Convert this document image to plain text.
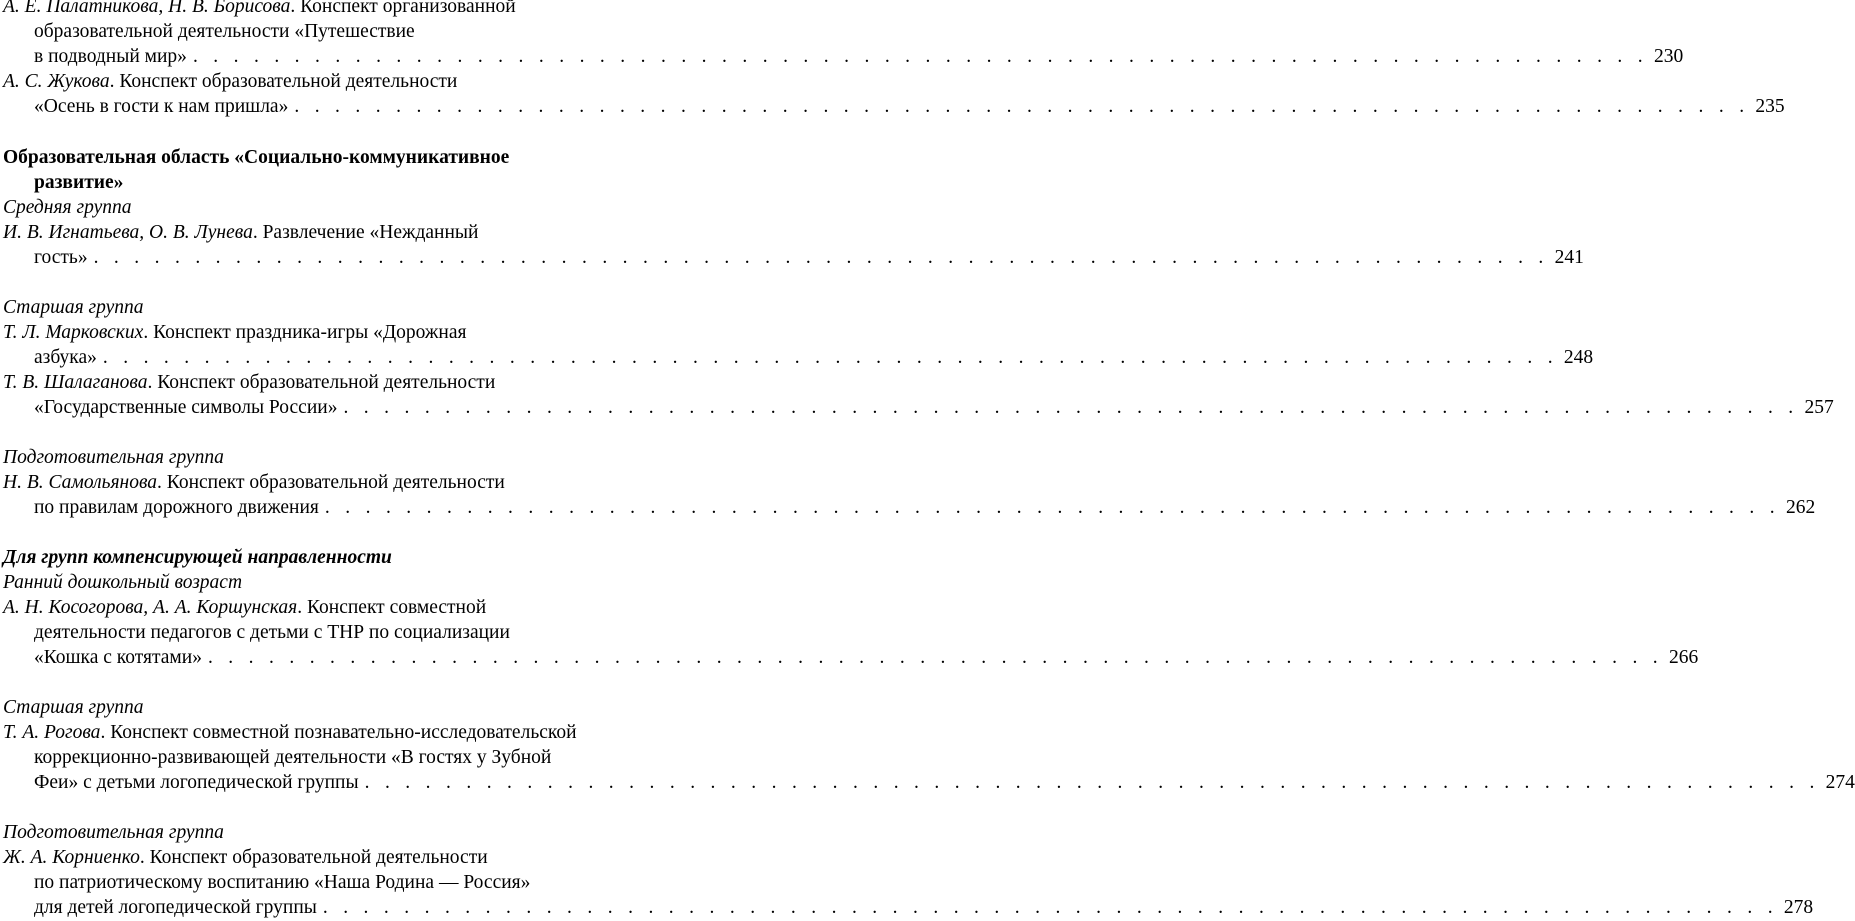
А. Е. Палатникова, Н. В. Борисова. Конспект организованной
образовательной деятельности «Путешествие
в подводный мир» . . . . . . . . . . . . . . . . . . . . . . . . . . . . . . . . . . . . . . . . . . . . . . . . . . . . . . . . . . . . . . . . . . . . . . . . 230
А. С. Жукова. Конспект образовательной деятельности
«Осень в гости к нам пришла» . . . . . . . . . . . . . . . . . . . . . . . . . . . . . . . . . . . . . . . . . . . . . . . . . . . . . . . . . . . . . . . . . . . . . . . . 235
Образовательная область «Социально-коммуникативное
развитие»
Средняя группа
И. В. Игнатьева, О. В. Лунева. Развлечение «Нежданный
гость» . . . . . . . . . . . . . . . . . . . . . . . . . . . . . . . . . . . . . . . . . . . . . . . . . . . . . . . . . . . . . . . . . . . . . . . . 241
Старшая группа
Т. Л. Марковских. Конспект праздника-игры «Дорожная
азбука» . . . . . . . . . . . . . . . . . . . . . . . . . . . . . . . . . . . . . . . . . . . . . . . . . . . . . . . . . . . . . . . . . . . . . . . . 248
Т. В. Шалаганова. Конспект образовательной деятельности
«Государственные символы России» . . . . . . . . . . . . . . . . . . . . . . . . . . . . . . . . . . . . . . . . . . . . . . . . . . . . . . . . . . . . . . . . . . . . . . . . 257
Подготовительная группа
Н. В. Самольянова. Конспект образовательной деятельности
по правилам дорожного движения . . . . . . . . . . . . . . . . . . . . . . . . . . . . . . . . . . . . . . . . . . . . . . . . . . . . . . . . . . . . . . . . . . . . . . . . 262
Для групп компенсирующей направленности
Ранний дошкольный возраст
А. Н. Косогорова, А. А. Коршунская. Конспект совместной
деятельности педагогов с детьми с ТНР по социализации
«Кошка с котятами» . . . . . . . . . . . . . . . . . . . . . . . . . . . . . . . . . . . . . . . . . . . . . . . . . . . . . . . . . . . . . . . . . . . . . . . . 266
Старшая группа
Т. А. Рогова. Конспект совместной познавательно-исследовательской
коррекционно-развивающей деятельности «В гостях у Зубной
Феи» с детьми логопедической группы . . . . . . . . . . . . . . . . . . . . . . . . . . . . . . . . . . . . . . . . . . . . . . . . . . . . . . . . . . . . . . . . . . . . . . . . 274
Подготовительная группа
Ж. А. Корниенко. Конспект образовательной деятельности
по патриотическому воспитанию «Наша Родина — Россия»
для детей логопедической группы . . . . . . . . . . . . . . . . . . . . . . . . . . . . . . . . . . . . . . . . . . . . . . . . . . . . . . . . . . . . . . . . . . . . . . . . 278
